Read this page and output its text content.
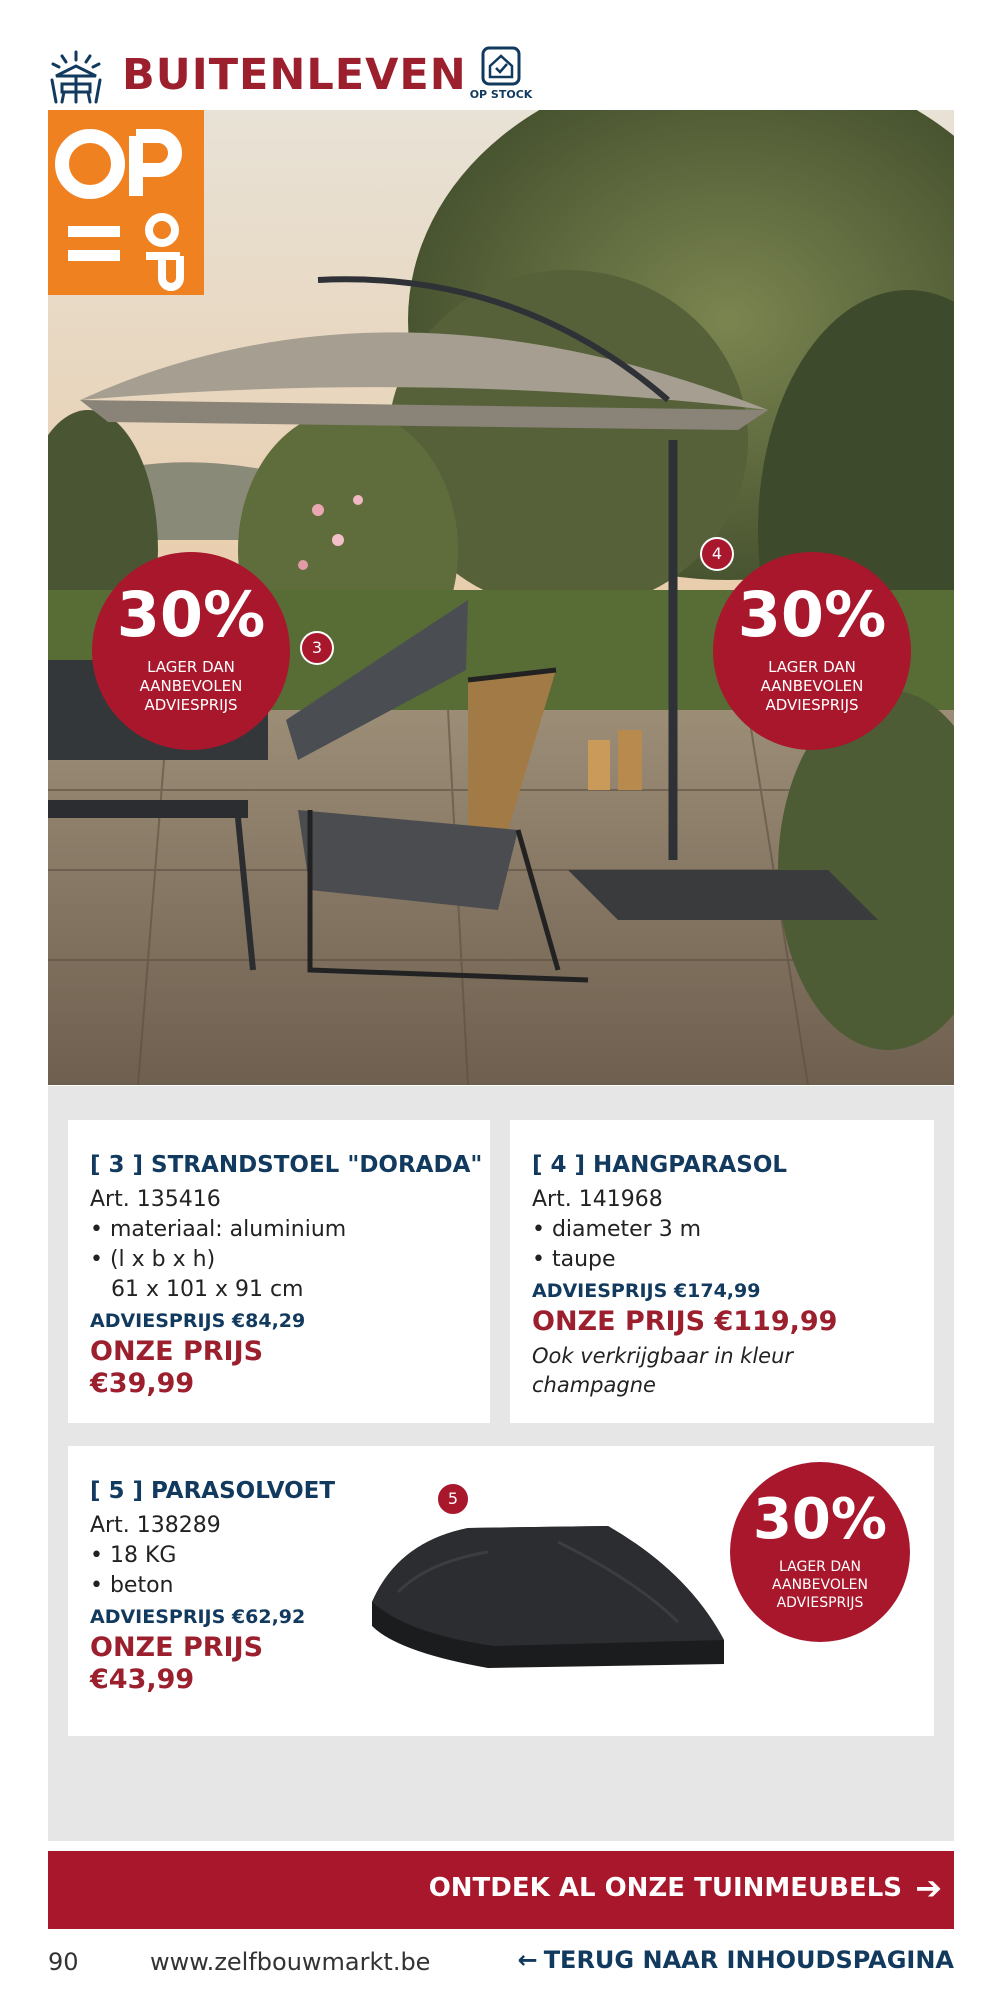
BUITENLEVEN OP STOCK
30%
LAGER DAN
AANBEVOLEN
ADVIESPRIJS
30%
LAGER DAN
AANBEVOLEN
ADVIESPRIJS
3
4
[ 3 ] STRANDSTOEL "DORADA"
Art. 135416
• materiaal: aluminium
• (l x b x h)
61 x 101 x 91 cm
ADVIESPRIJS €84,29
ONZE PRIJS
€39,99
[ 4 ] HANGPARASOL
Art. 141968
• diameter 3 m
• taupe
ADVIESPRIJS €174,99
ONZE PRIJS €119,99
Ook verkrijgbaar in kleur
champagne
[ 5 ] PARASOLVOET
Art. 138289
• 18 KG
• beton
ADVIESPRIJS €62,92
ONZE PRIJS
€43,99
5	30%
LAGER DAN
AANBEVOLEN
ADVIESPRIJS
ONTDEK AL ONZE TUINMEUBELS ➔
90	www.zelfbouwmarkt.be	← TERUG NAAR INHOUDSPAGINA
